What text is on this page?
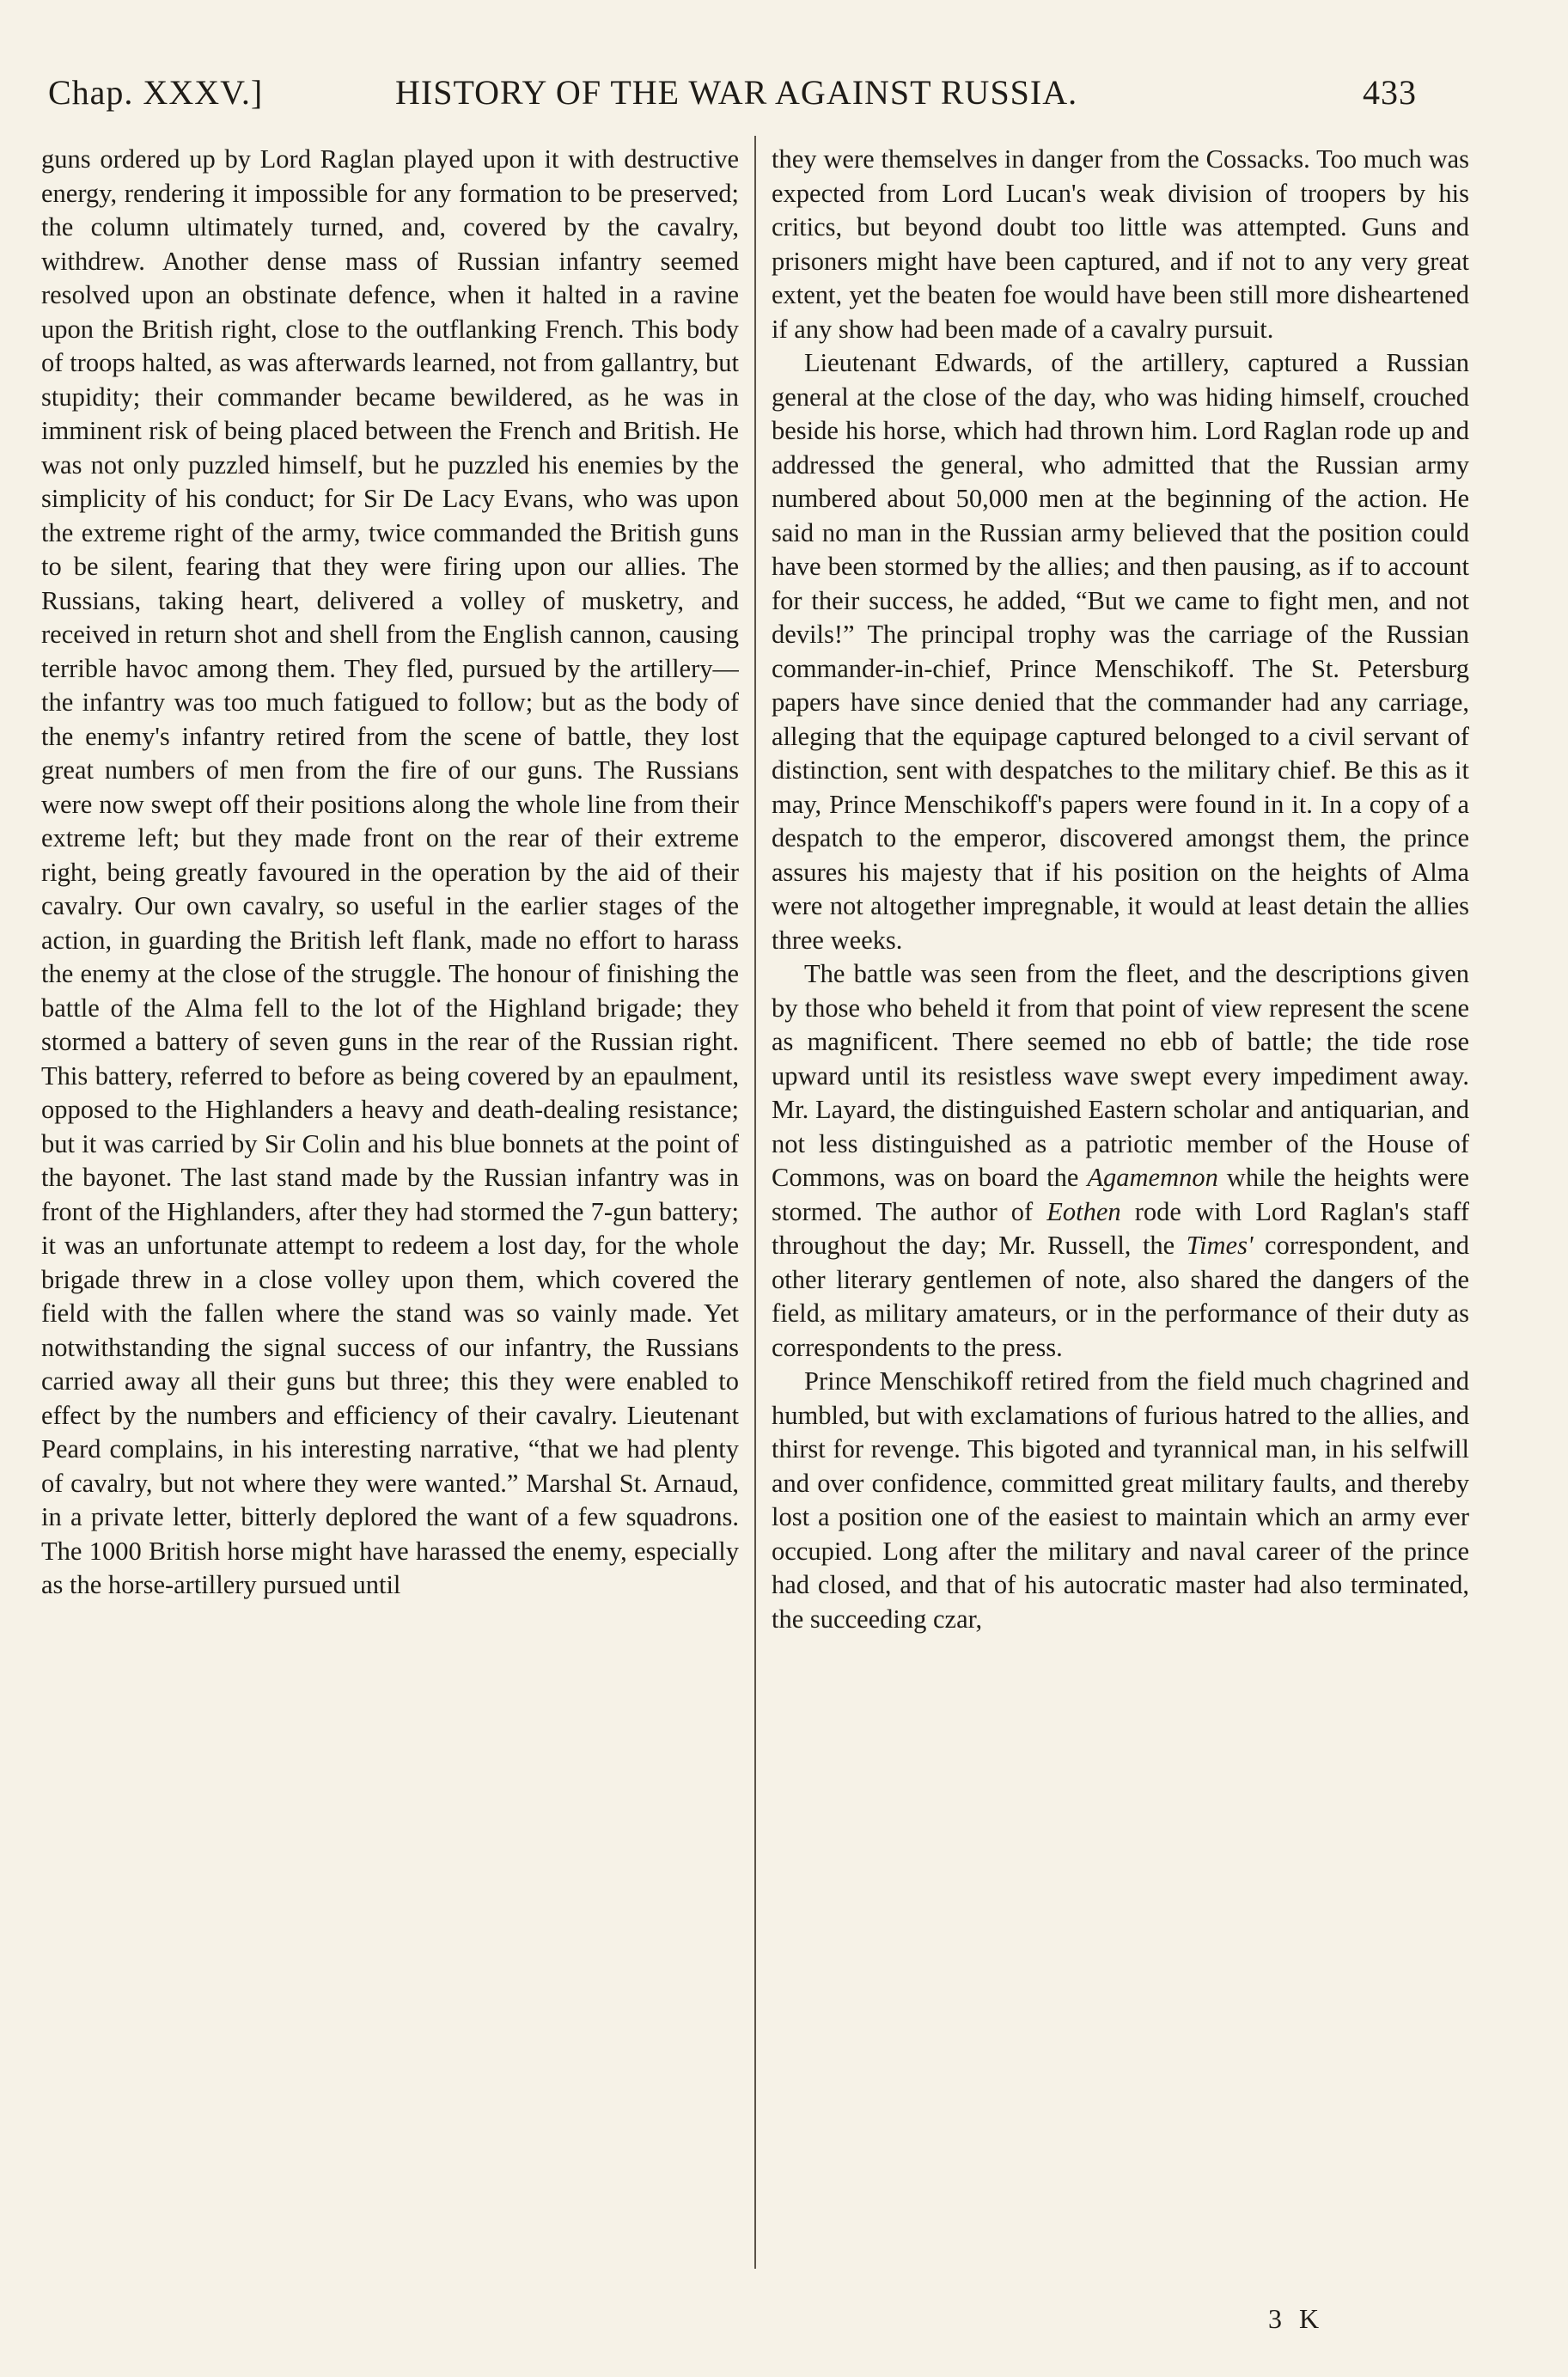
Chap. XXXV.]	HISTORY OF THE WAR AGAINST RUSSIA.	433

guns ordered up by Lord Raglan played upon it with destructive energy, rendering it impossible for any formation to be preserved; the column ultimately turned, and, covered by the cavalry, withdrew. Another dense mass of Russian infantry seemed resolved upon an obstinate defence, when it halted in a ravine upon the British right, close to the outflanking French. This body of troops halted, as was afterwards learned, not from gallantry, but stupidity; their commander became bewildered, as he was in imminent risk of being placed between the French and British. He was not only puzzled himself, but he puzzled his enemies by the simplicity of his conduct; for Sir De Lacy Evans, who was upon the extreme right of the army, twice commanded the British guns to be silent, fearing that they were firing upon our allies. The Russians, taking heart, delivered a volley of musketry, and received in return shot and shell from the English cannon, causing terrible havoc among them. They fled, pursued by the artillery—the infantry was too much fatigued to follow; but as the body of the enemy's infantry retired from the scene of battle, they lost great numbers of men from the fire of our guns. The Russians were now swept off their positions along the whole line from their extreme left; but they made front on the rear of their extreme right, being greatly favoured in the operation by the aid of their cavalry. Our own cavalry, so useful in the earlier stages of the action, in guarding the British left flank, made no effort to harass the enemy at the close of the struggle. The honour of finishing the battle of the Alma fell to the lot of the Highland brigade; they stormed a battery of seven guns in the rear of the Russian right. This battery, referred to before as being covered by an epaulment, opposed to the Highlanders a heavy and death-dealing resistance; but it was carried by Sir Colin and his blue bonnets at the point of the bayonet. The last stand made by the Russian infantry was in front of the Highlanders, after they had stormed the 7-gun battery; it was an unfortunate attempt to redeem a lost day, for the whole brigade threw in a close volley upon them, which covered the field with the fallen where the stand was so vainly made. Yet notwithstanding the signal success of our infantry, the Russians carried away all their guns but three; this they were enabled to effect by the numbers and efficiency of their cavalry. Lieutenant Peard complains, in his interesting narrative, “that we had plenty of cavalry, but not where they were wanted.” Marshal St. Arnaud, in a private letter, bitterly deplored the want of a few squadrons. The 1000 British horse might have harassed the enemy, especially as the horse-artillery pursued until

they were themselves in danger from the Cossacks. Too much was expected from Lord Lucan's weak division of troopers by his critics, but beyond doubt too little was attempted. Guns and prisoners might have been captured, and if not to any very great extent, yet the beaten foe would have been still more disheartened if any show had been made of a cavalry pursuit.

Lieutenant Edwards, of the artillery, captured a Russian general at the close of the day, who was hiding himself, crouched beside his horse, which had thrown him. Lord Raglan rode up and addressed the general, who admitted that the Russian army numbered about 50,000 men at the beginning of the action. He said no man in the Russian army believed that the position could have been stormed by the allies; and then pausing, as if to account for their success, he added, “But we came to fight men, and not devils!” The principal trophy was the carriage of the Russian commander-in-chief, Prince Menschikoff. The St. Petersburg papers have since denied that the commander had any carriage, alleging that the equipage captured belonged to a civil servant of distinction, sent with despatches to the military chief. Be this as it may, Prince Menschikoff's papers were found in it. In a copy of a despatch to the emperor, discovered amongst them, the prince assures his majesty that if his position on the heights of Alma were not altogether impregnable, it would at least detain the allies three weeks.

The battle was seen from the fleet, and the descriptions given by those who beheld it from that point of view represent the scene as magnificent. There seemed no ebb of battle; the tide rose upward until its resistless wave swept every impediment away. Mr. Layard, the distinguished Eastern scholar and antiquarian, and not less distinguished as a patriotic member of the House of Commons, was on board the Agamemnon while the heights were stormed. The author of Eothen rode with Lord Raglan's staff throughout the day; Mr. Russell, the Times' correspondent, and other literary gentlemen of note, also shared the dangers of the field, as military amateurs, or in the performance of their duty as correspondents to the press.

Prince Menschikoff retired from the field much chagrined and humbled, but with exclamations of furious hatred to the allies, and thirst for revenge. This bigoted and tyrannical man, in his selfwill and over confidence, committed great military faults, and thereby lost a position one of the easiest to maintain which an army ever occupied. Long after the military and naval career of the prince had closed, and that of his autocratic master had also terminated, the succeeding czar,

3 K
